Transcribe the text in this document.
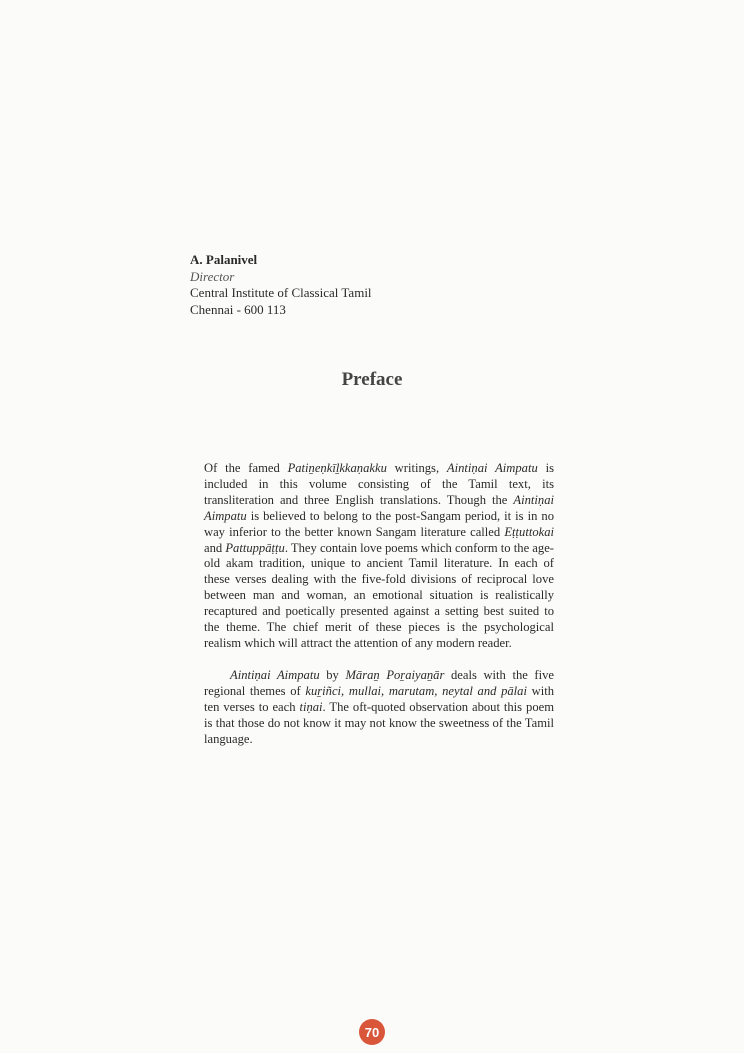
A. Palanivel
Director
Central Institute of Classical Tamil
Chennai - 600 113
Preface

Of the famed Patiṉeṇkīḻkkaṇakku writings, Aintiṇai Aimpatu is included in this volume consisting of the Tamil text, its transliteration and three English translations. Though the Aintiṇai Aimpatu is believed to belong to the post-Sangam period, it is in no way inferior to the better known Sangam literature called Eṭṭuttokai and Pattuppāṭṭu. They contain love poems which conform to the age-old akam tradition, unique to ancient Tamil literature. In each of these verses dealing with the five-fold divisions of reciprocal love between man and woman, an emotional situation is realistically recaptured and poetically presented against a setting best suited to the theme. The chief merit of these pieces is the psychological realism which will attract the attention of any modern reader.

Aintiṇai Aimpatu by Māraṉ Poṟaiyaṉār deals with the five regional themes of kuṟiñci, mullai, marutam, neytal and pālai with ten verses to each tiṇai. The oft-quoted observation about this poem is that those do not know it may not know the sweetness of the Tamil language.

70
